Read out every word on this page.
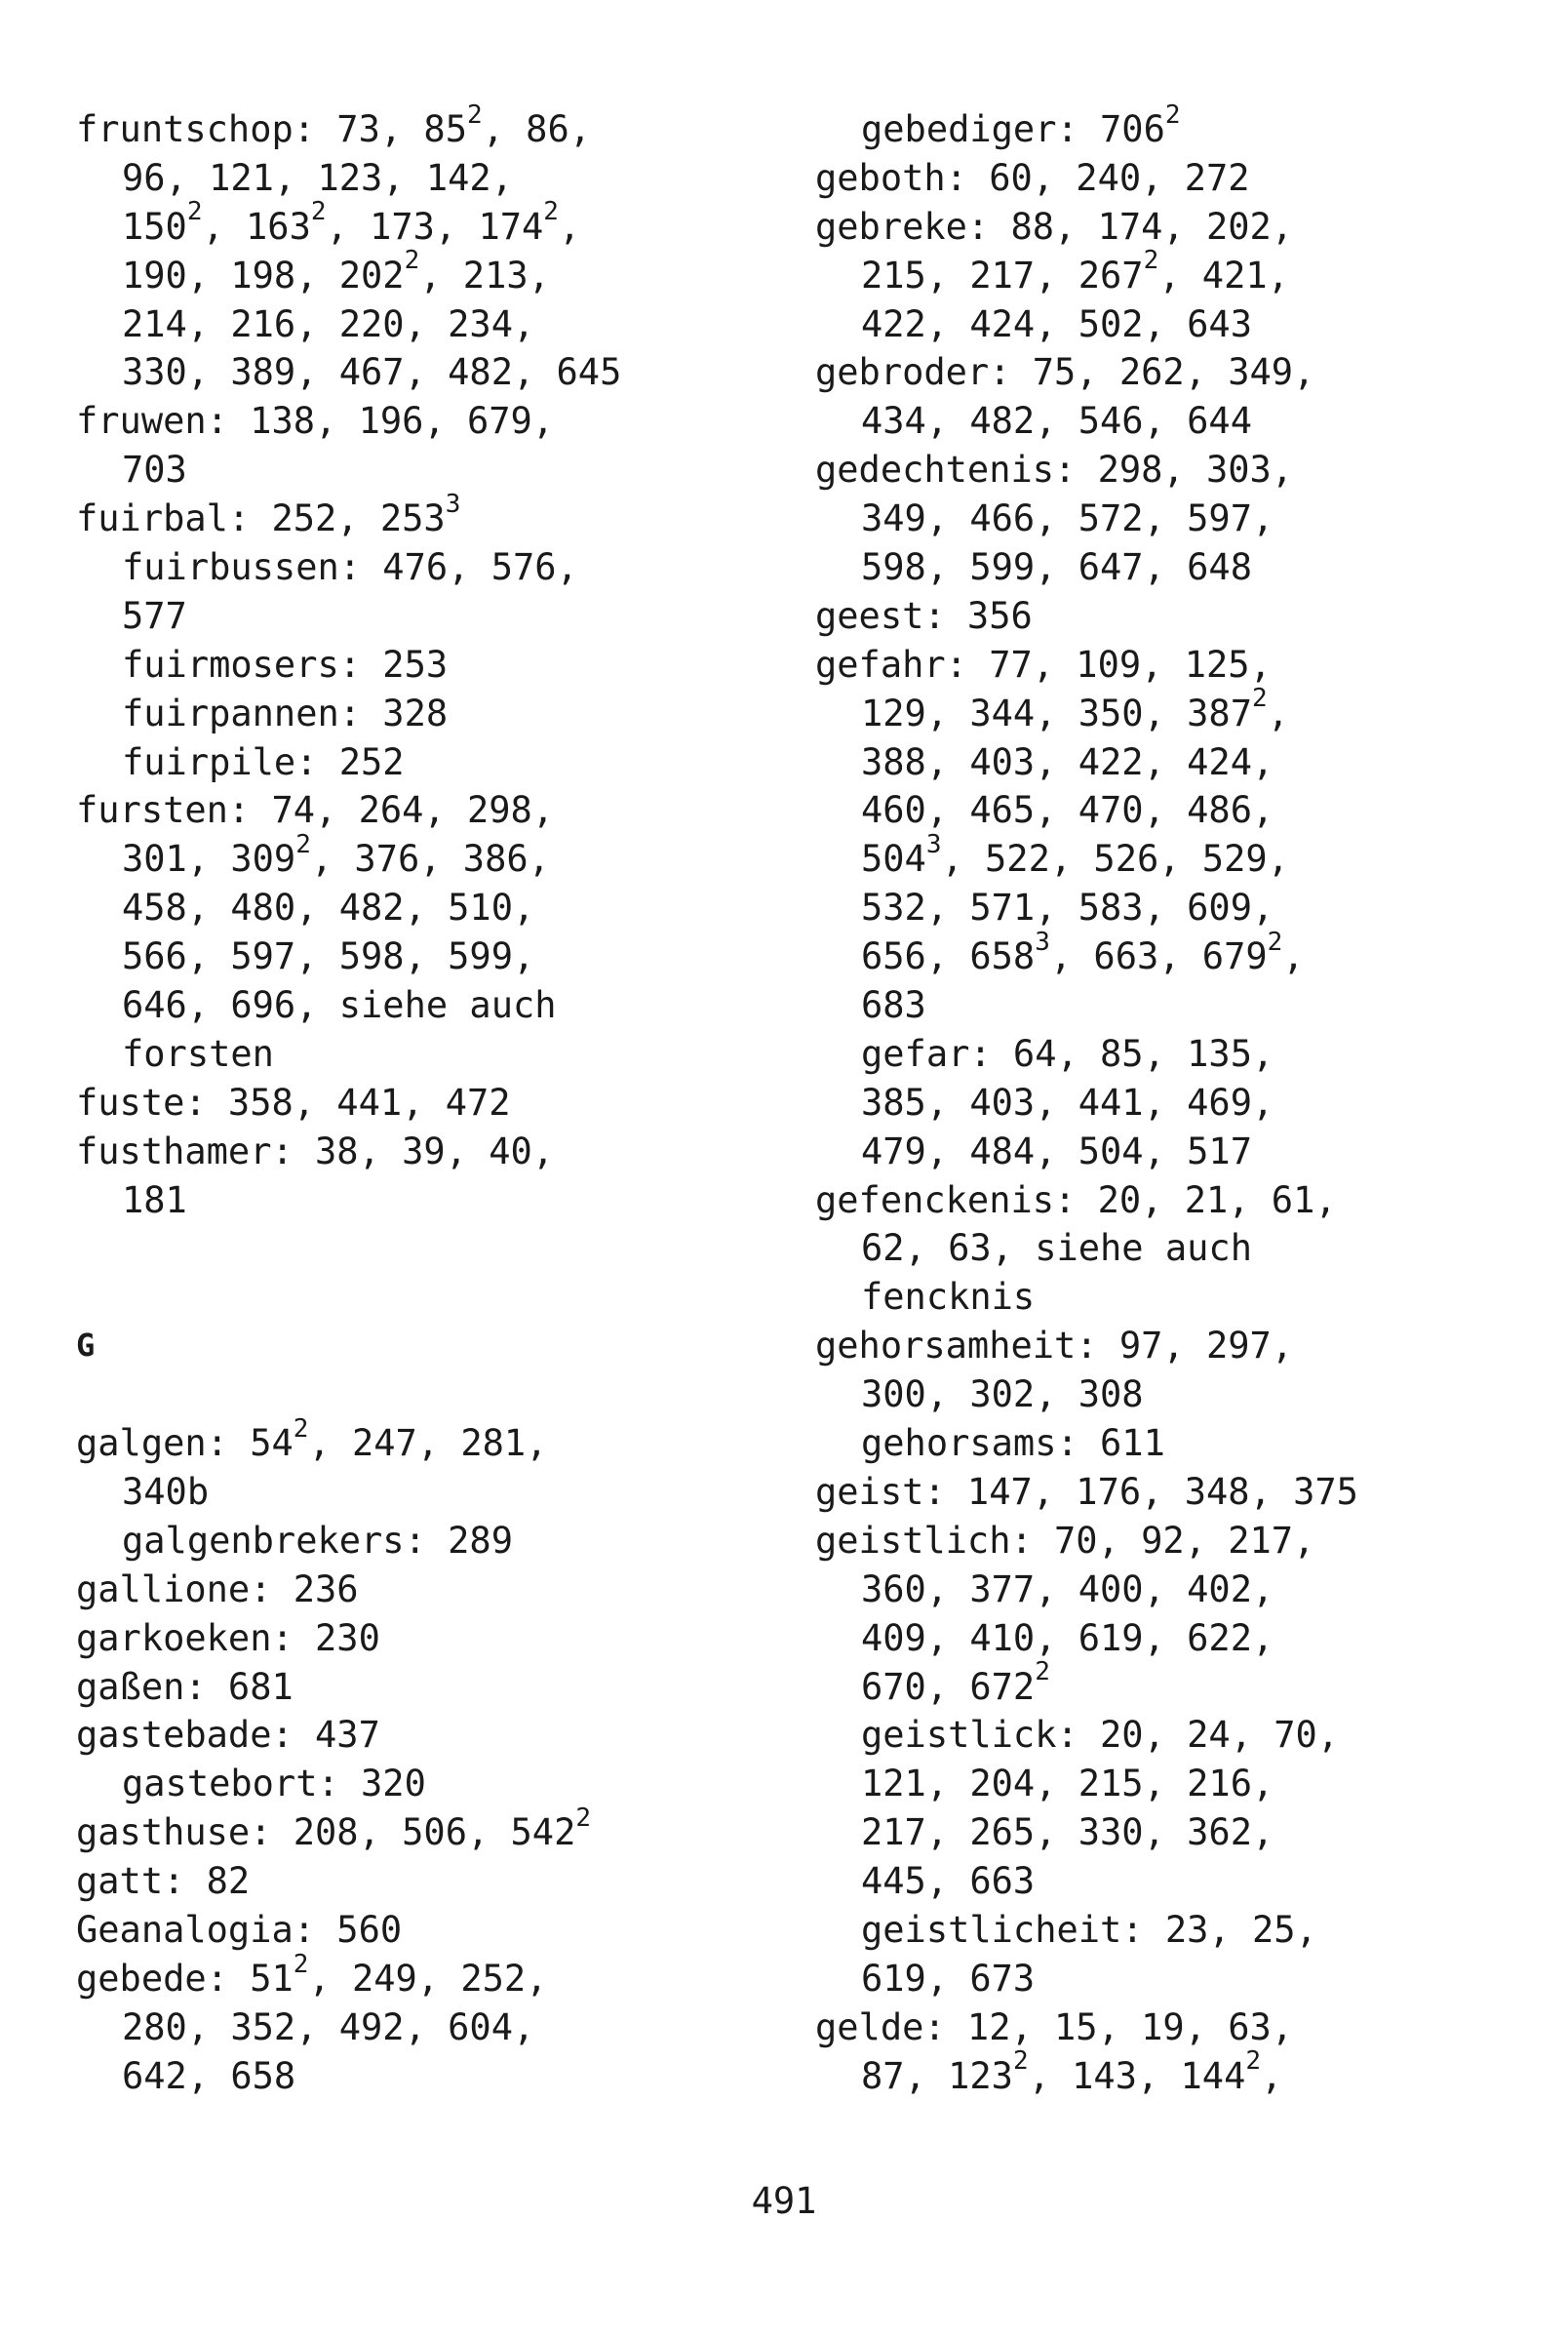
fruntschop: 73, $85^2$, 86,
96, 121, 123, 142,
$150^2$, $163^2$, 173, $174^2$,
190, 198, $202^2$, 213,
214, 216, 220, 234,
330, 389, 467, 482, 645
fruwen: 138, 196, 679,
703
fuirbal: 252, $253^3$
fuirbussen: 476, 576,
577
fuirmosers: 253
fuirpannen: 328
fuirpile: 252
fursten: 74, 264, 298,
301, $309^2$, 376, 386,
458, 480, 482, 510,
566, 597, 598, 599,
646, 696, siehe auch
forsten
fuste: 358, 441, 472
fusthamer: 38, 39, 40,
181
G
galgen: $54^2$, 247, 281,
340b
galgenbrekers: 289
gallione: 236
garkoeken: 230
gaßen: 681
gastebade: 437
gastebort: 320
gasthuse: 208, 506, $542^2$
gatt: 82
Geanalogia: 560
gebede: $51^2$, 249, 252,
280, 352, 492, 604,
642, 658
gebediger: $706^2$
geboth: 60, 240, 272
gebreke: 88, 174, 202,
215, 217, $267^2$, 421,
422, 424, 502, 643
gebroder: 75, 262, 349,
434, 482, 546, 644
gedechtenis: 298, 303,
349, 466, 572, 597,
598, 599, 647, 648
geest: 356
gefahr: 77, 109, 125,
129, 344, 350, $387^2$,
388, 403, 422, 424,
460, 465, 470, 486,
$504^3$, 522, 526, 529,
532, 571, 583, 609,
656, $658^3$, 663, $679^2$,
683
gefar: 64, 85, 135,
385, 403, 441, 469,
479, 484, 504, 517
gefenckenis: 20, 21, 61,
62, 63, siehe auch
fencknis
gehorsamheit: 97, 297,
300, 302, 308
gehorsams: 611
geist: 147, 176, 348, 375
geistlich: 70, 92, 217,
360, 377, 400, 402,
409, 410, 619, 622,
670, $672^2$
geistlick: 20, 24, 70,
121, 204, 215, 216,
217, 265, 330, 362,
445, 663
geistlicheit: 23, 25,
619, 673
gelde: 12, 15, 19, 63,
87, $123^2$, 143, $144^2$,
491
